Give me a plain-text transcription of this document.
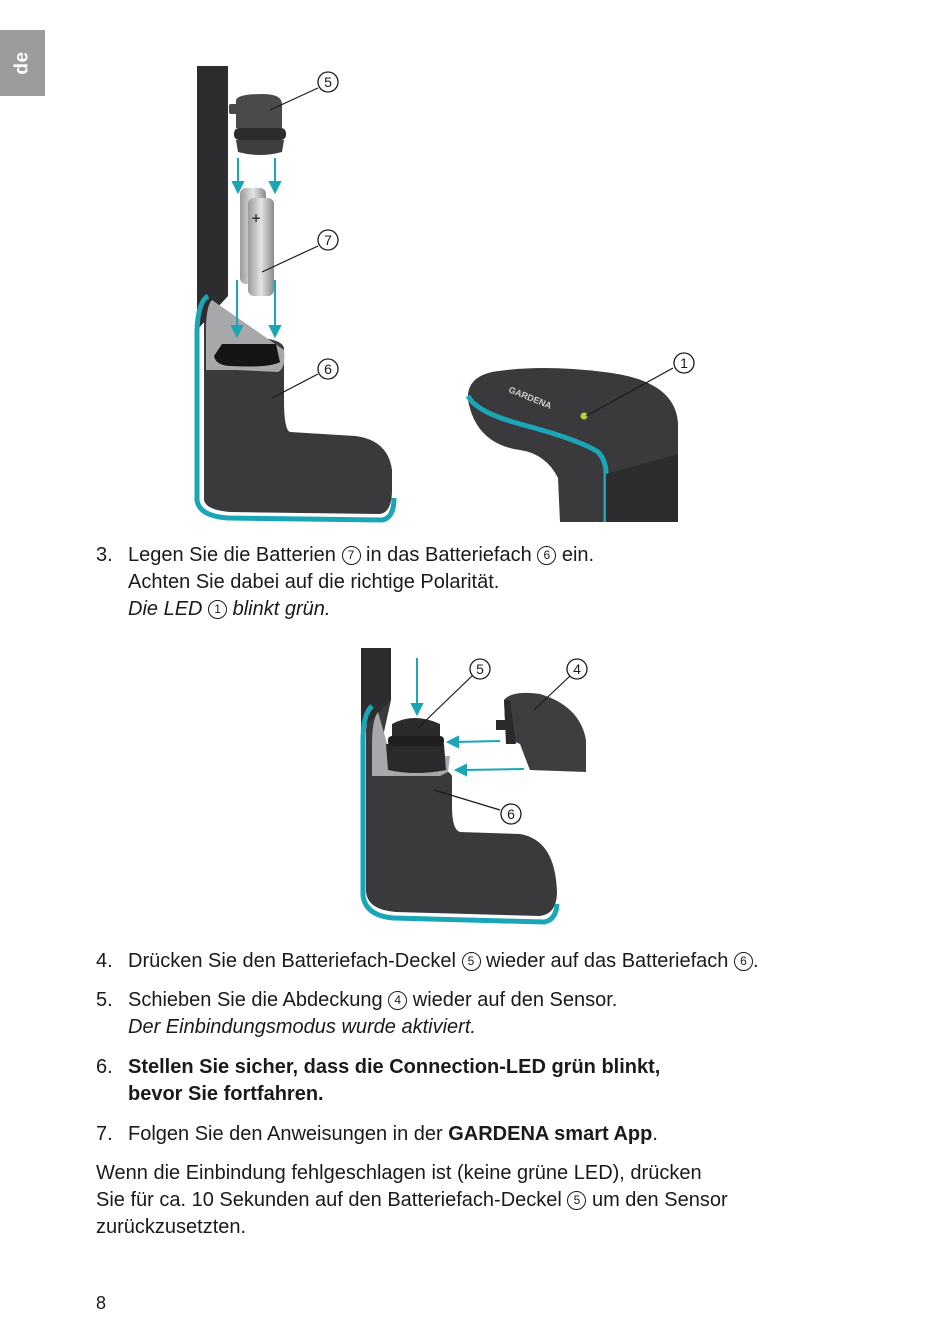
de
+
GARDENA
5
7
6	1
3. Legen Sie die Batterien 7 in das Batteriefach 6 ein.
Achten Sie dabei auf die richtige Polarität.
Die LED 1 blinkt grün.
5	4
6
4. Drücken Sie den Batteriefach-Deckel 5 wieder auf das Batteriefach 6 .
5. Schieben Sie die Abdeckung 4 wieder auf den Sensor.
Der Einbindungsmodus wurde aktiviert.
6. Stellen Sie sicher, dass die Connection-LED grün blinkt,
bevor Sie fortfahren.
7. Folgen Sie den Anweisungen in der GARDENA smart App.
Wenn die Einbindung fehlgeschlagen ist (keine grüne LED), drücken
Sie für ca. 10 Sekunden auf den Batteriefach-Deckel 5 um den Sensor
zurückzusetzten.
8
